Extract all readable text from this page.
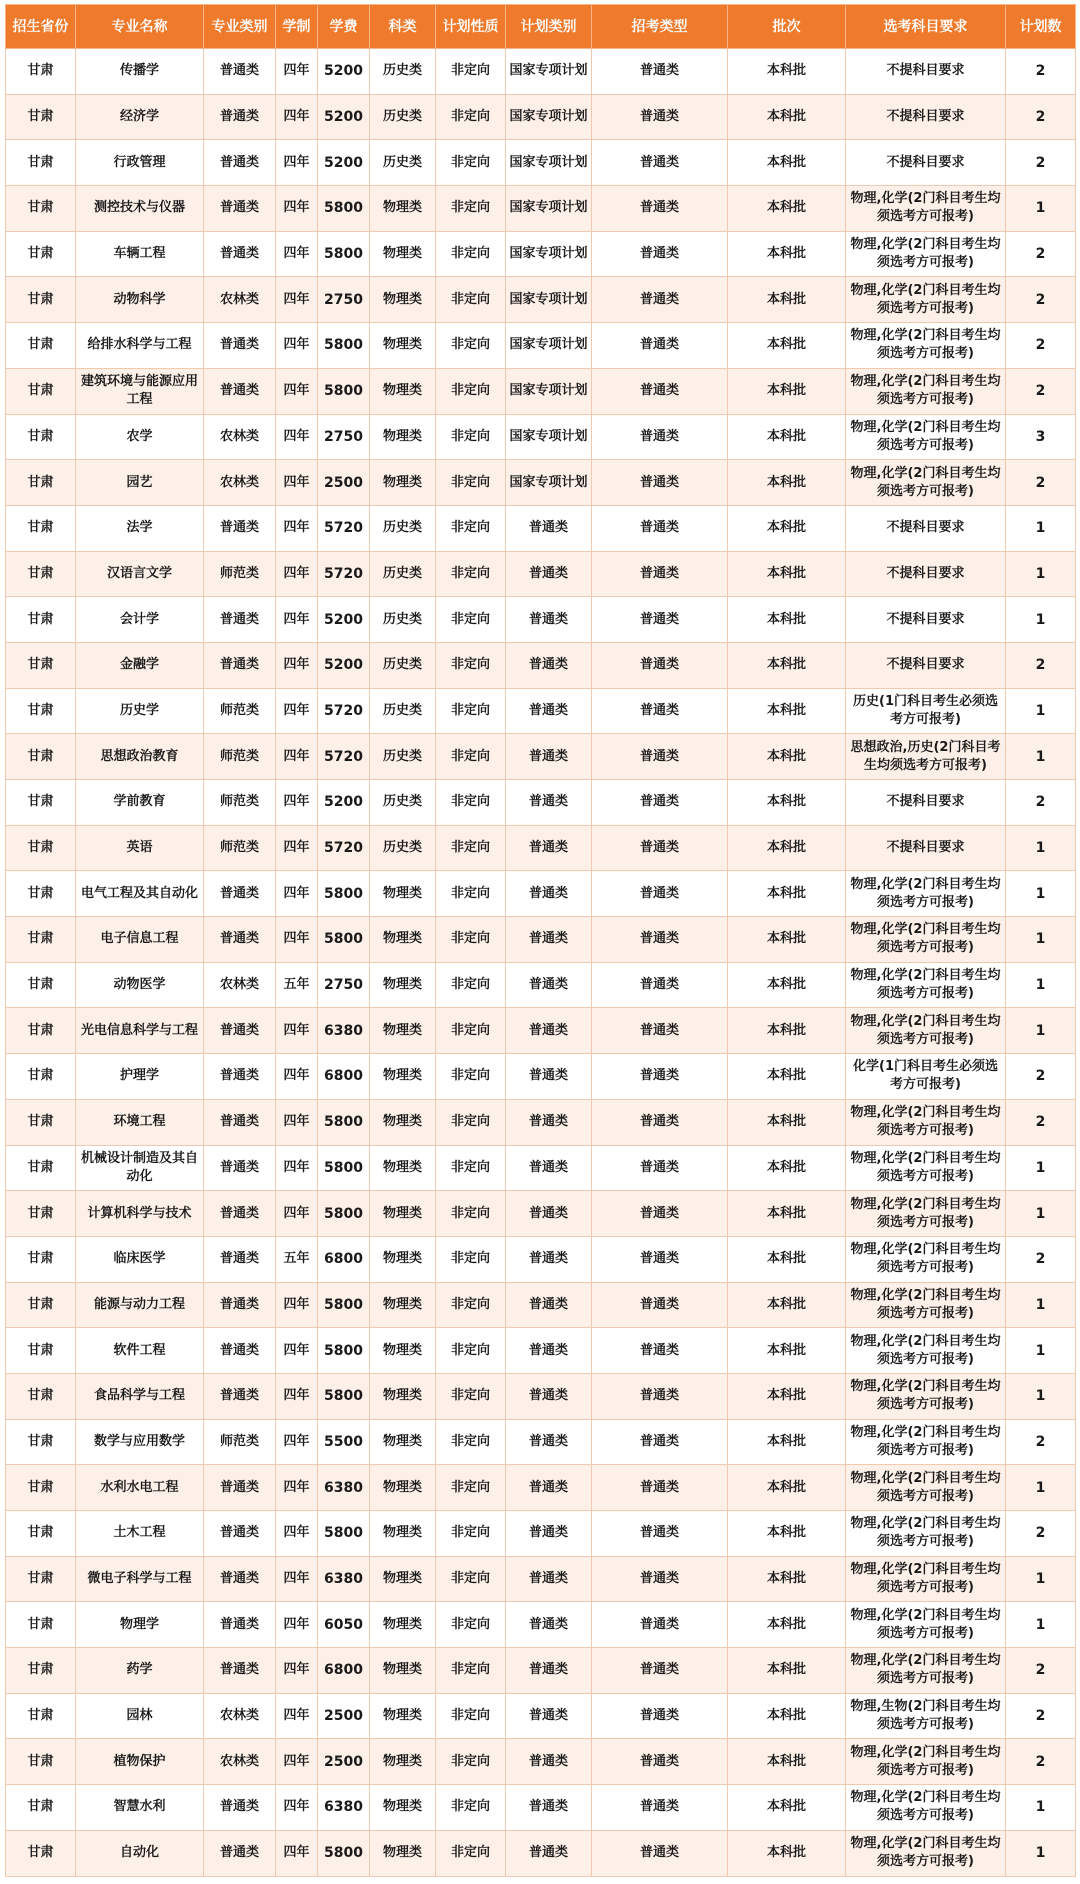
招生省份	专业名称	专业类别	学制	学费	科类	计划性质	计划类别	招考类型	批次	选考科目要求	计划数
甘肃	传播学	普通类	四年	5200	历史类	非定向	国家专项计划	普通类	本科批	不提科目要求	2
甘肃	经济学	普通类	四年	5200	历史类	非定向	国家专项计划	普通类	本科批	不提科目要求	2
甘肃	行政管理	普通类	四年	5200	历史类	非定向	国家专项计划	普通类	本科批	不提科目要求	2
甘肃	测控技术与仪器	普通类	四年	5800	物理类	非定向	国家专项计划	普通类	本科批	物理,化学(2门科目考生均须选考方可报考)	1
甘肃	车辆工程	普通类	四年	5800	物理类	非定向	国家专项计划	普通类	本科批	物理,化学(2门科目考生均须选考方可报考)	2
甘肃	动物科学	农林类	四年	2750	物理类	非定向	国家专项计划	普通类	本科批	物理,化学(2门科目考生均须选考方可报考)	2
甘肃	给排水科学与工程	普通类	四年	5800	物理类	非定向	国家专项计划	普通类	本科批	物理,化学(2门科目考生均须选考方可报考)	2
甘肃	建筑环境与能源应用工程	普通类	四年	5800	物理类	非定向	国家专项计划	普通类	本科批	物理,化学(2门科目考生均须选考方可报考)	2
甘肃	农学	农林类	四年	2750	物理类	非定向	国家专项计划	普通类	本科批	物理,化学(2门科目考生均须选考方可报考)	3
甘肃	园艺	农林类	四年	2500	物理类	非定向	国家专项计划	普通类	本科批	物理,化学(2门科目考生均须选考方可报考)	2
甘肃	法学	普通类	四年	5720	历史类	非定向	普通类	普通类	本科批	不提科目要求	1
甘肃	汉语言文学	师范类	四年	5720	历史类	非定向	普通类	普通类	本科批	不提科目要求	1
甘肃	会计学	普通类	四年	5200	历史类	非定向	普通类	普通类	本科批	不提科目要求	1
甘肃	金融学	普通类	四年	5200	历史类	非定向	普通类	普通类	本科批	不提科目要求	2
甘肃	历史学	师范类	四年	5720	历史类	非定向	普通类	普通类	本科批	历史(1门科目考生必须选考方可报考)	1
甘肃	思想政治教育	师范类	四年	5720	历史类	非定向	普通类	普通类	本科批	思想政治,历史(2门科目考生均须选考方可报考)	1
甘肃	学前教育	师范类	四年	5200	历史类	非定向	普通类	普通类	本科批	不提科目要求	2
甘肃	英语	师范类	四年	5720	历史类	非定向	普通类	普通类	本科批	不提科目要求	1
甘肃	电气工程及其自动化	普通类	四年	5800	物理类	非定向	普通类	普通类	本科批	物理,化学(2门科目考生均须选考方可报考)	1
甘肃	电子信息工程	普通类	四年	5800	物理类	非定向	普通类	普通类	本科批	物理,化学(2门科目考生均须选考方可报考)	1
甘肃	动物医学	农林类	五年	2750	物理类	非定向	普通类	普通类	本科批	物理,化学(2门科目考生均须选考方可报考)	1
甘肃	光电信息科学与工程	普通类	四年	6380	物理类	非定向	普通类	普通类	本科批	物理,化学(2门科目考生均须选考方可报考)	1
甘肃	护理学	普通类	四年	6800	物理类	非定向	普通类	普通类	本科批	化学(1门科目考生必须选考方可报考)	2
甘肃	环境工程	普通类	四年	5800	物理类	非定向	普通类	普通类	本科批	物理,化学(2门科目考生均须选考方可报考)	2
甘肃	机械设计制造及其自动化	普通类	四年	5800	物理类	非定向	普通类	普通类	本科批	物理,化学(2门科目考生均须选考方可报考)	1
甘肃	计算机科学与技术	普通类	四年	5800	物理类	非定向	普通类	普通类	本科批	物理,化学(2门科目考生均须选考方可报考)	1
甘肃	临床医学	普通类	五年	6800	物理类	非定向	普通类	普通类	本科批	物理,化学(2门科目考生均须选考方可报考)	2
甘肃	能源与动力工程	普通类	四年	5800	物理类	非定向	普通类	普通类	本科批	物理,化学(2门科目考生均须选考方可报考)	1
甘肃	软件工程	普通类	四年	5800	物理类	非定向	普通类	普通类	本科批	物理,化学(2门科目考生均须选考方可报考)	1
甘肃	食品科学与工程	普通类	四年	5800	物理类	非定向	普通类	普通类	本科批	物理,化学(2门科目考生均须选考方可报考)	1
甘肃	数学与应用数学	师范类	四年	5500	物理类	非定向	普通类	普通类	本科批	物理,化学(2门科目考生均须选考方可报考)	2
甘肃	水利水电工程	普通类	四年	6380	物理类	非定向	普通类	普通类	本科批	物理,化学(2门科目考生均须选考方可报考)	1
甘肃	土木工程	普通类	四年	5800	物理类	非定向	普通类	普通类	本科批	物理,化学(2门科目考生均须选考方可报考)	2
甘肃	微电子科学与工程	普通类	四年	6380	物理类	非定向	普通类	普通类	本科批	物理,化学(2门科目考生均须选考方可报考)	1
甘肃	物理学	普通类	四年	6050	物理类	非定向	普通类	普通类	本科批	物理,化学(2门科目考生均须选考方可报考)	1
甘肃	药学	普通类	四年	6800	物理类	非定向	普通类	普通类	本科批	物理,化学(2门科目考生均须选考方可报考)	2
甘肃	园林	农林类	四年	2500	物理类	非定向	普通类	普通类	本科批	物理,生物(2门科目考生均须选考方可报考)	2
甘肃	植物保护	农林类	四年	2500	物理类	非定向	普通类	普通类	本科批	物理,化学(2门科目考生均须选考方可报考)	2
甘肃	智慧水利	普通类	四年	6380	物理类	非定向	普通类	普通类	本科批	物理,化学(2门科目考生均须选考方可报考)	1
甘肃	自动化	普通类	四年	5800	物理类	非定向	普通类	普通类	本科批	物理,化学(2门科目考生均须选考方可报考)	1
